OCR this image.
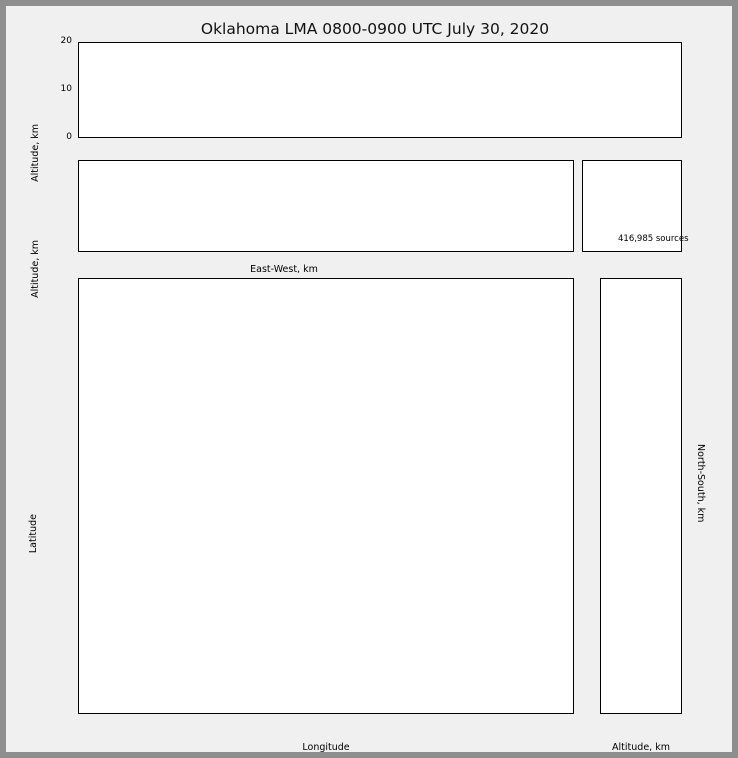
Oklahoma LMA 0800-0900 UTC July 30, 2020
Altitude, km	0
10
20
Altitude, km	East-West, km
416,985 sources
Latitude
Longitude
North-South, km
Altitude, km
